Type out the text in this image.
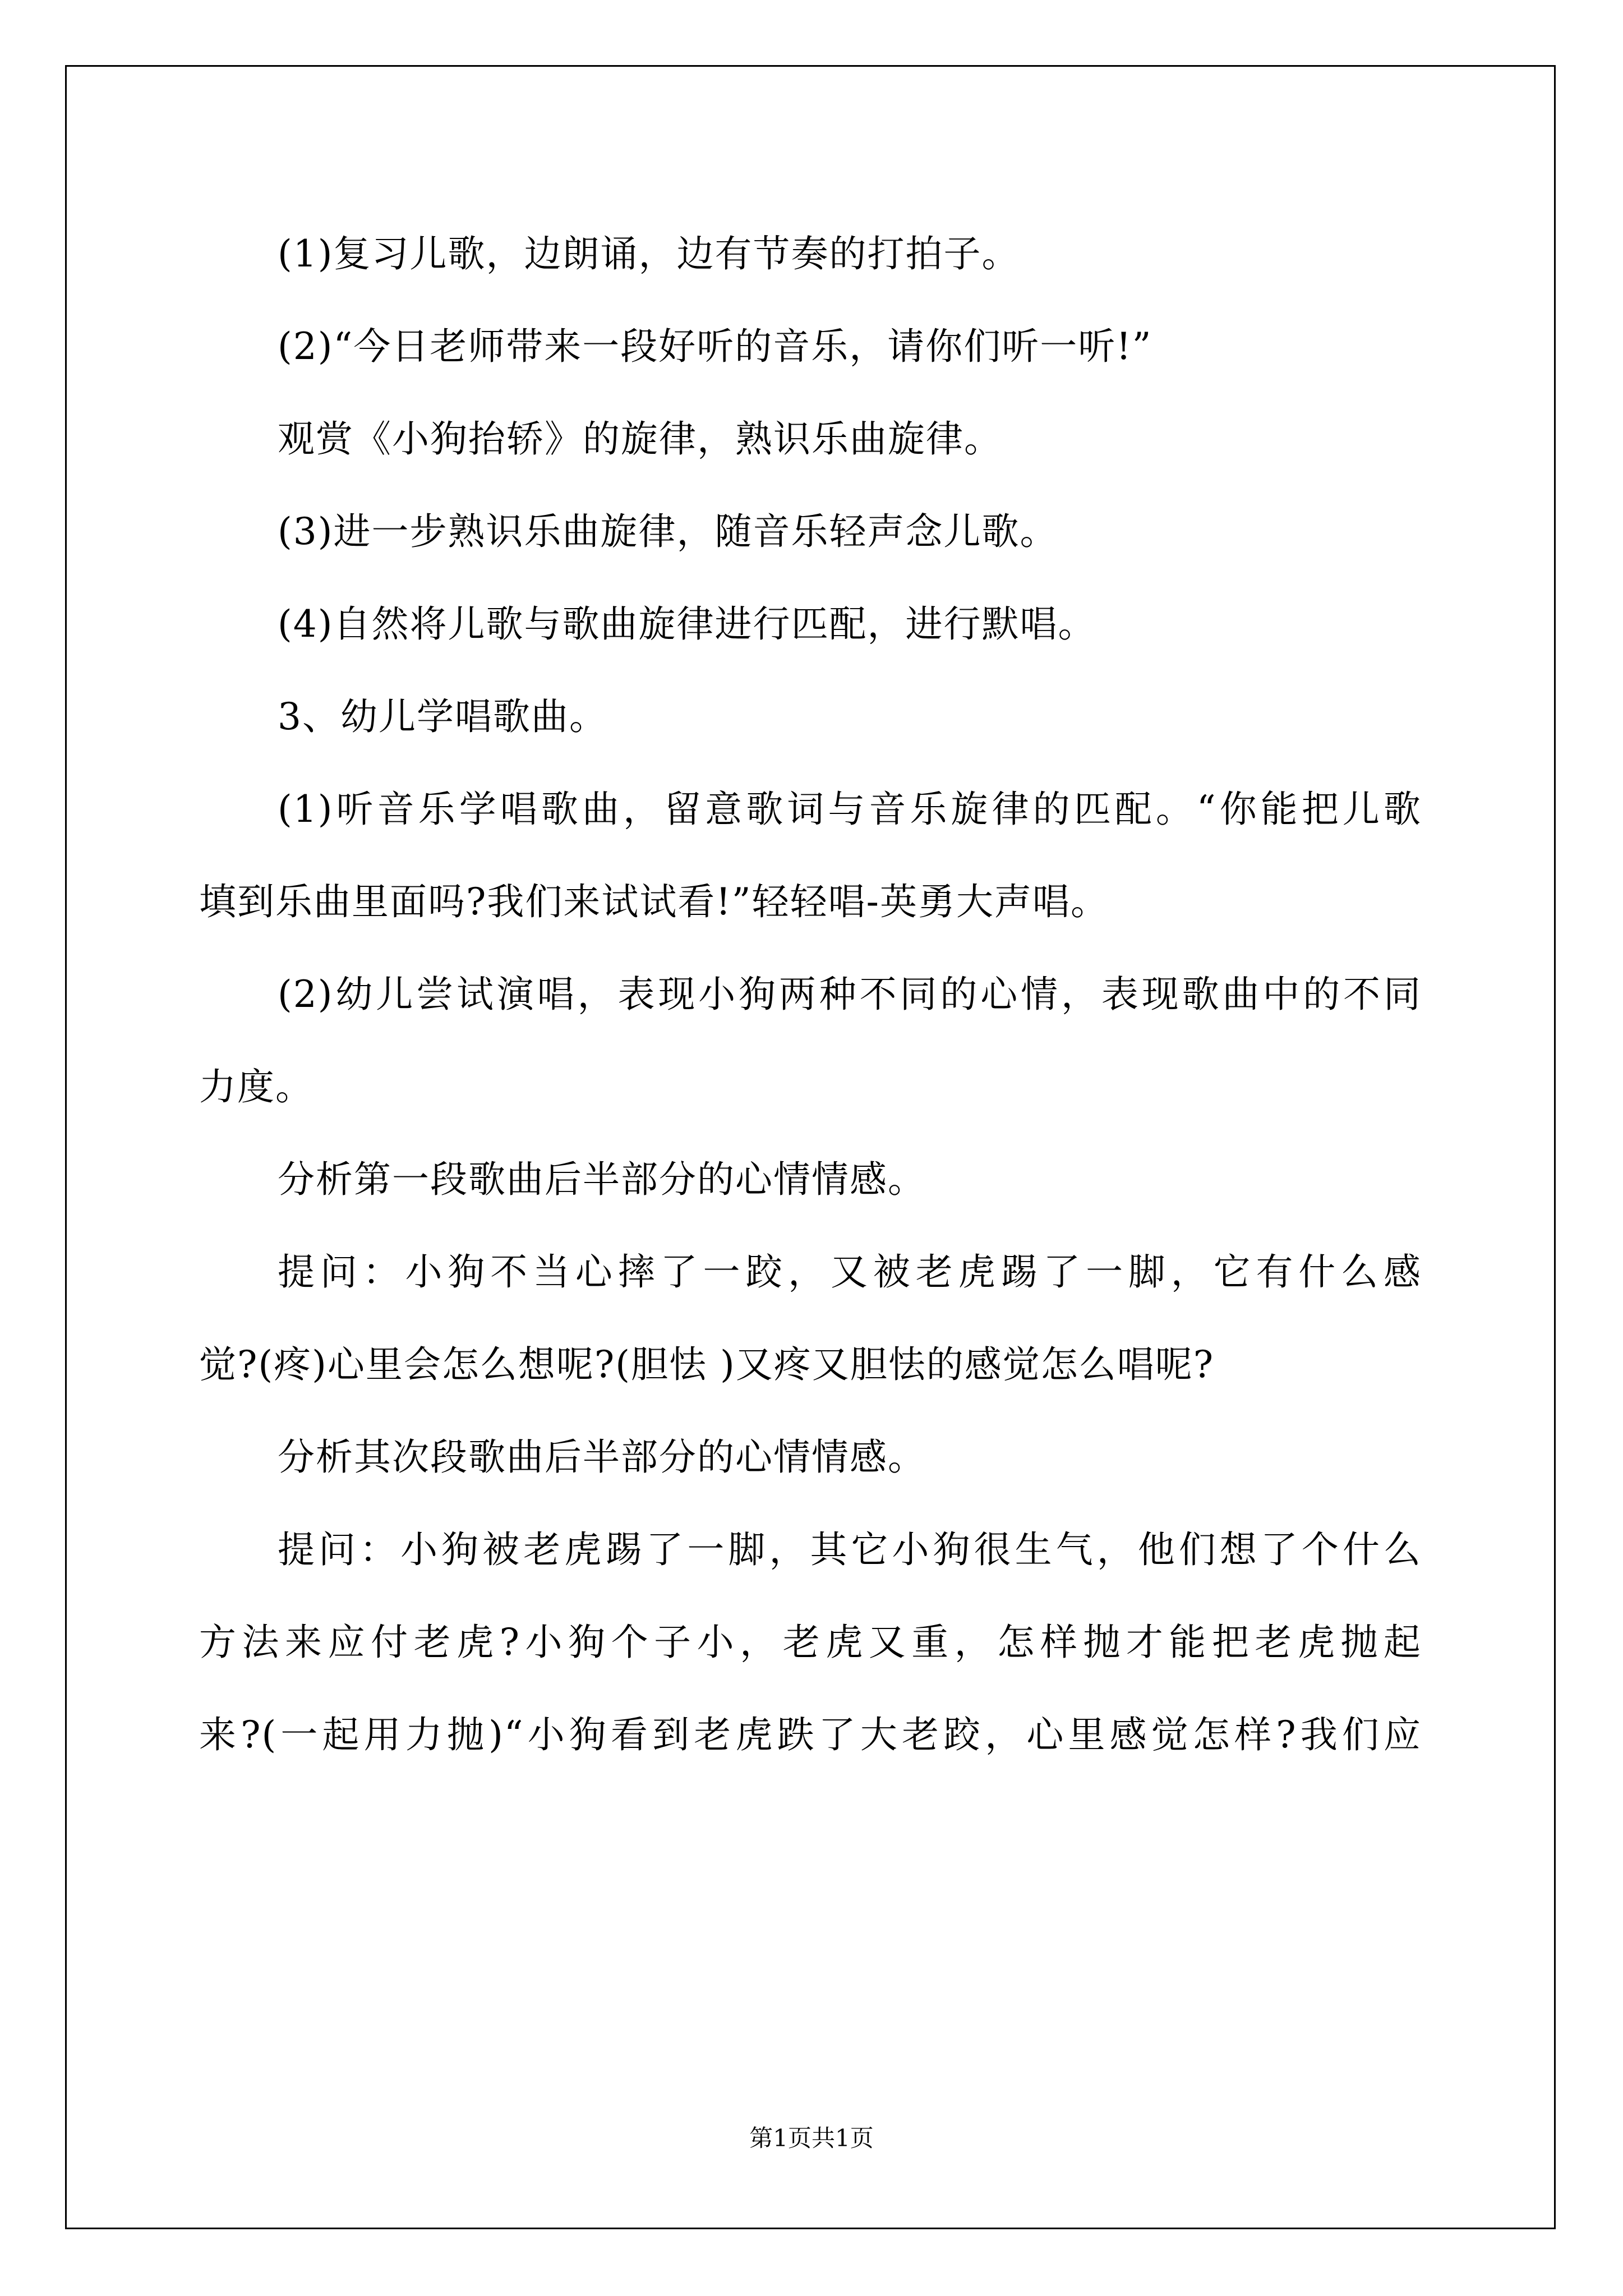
(1)复习儿歌，边朗诵，边有节奏的打拍子。
(2)“今日老师带来一段好听的音乐，请你们听一听!”
观赏《小狗抬轿》的旋律，熟识乐曲旋律。
(3)进一步熟识乐曲旋律，随音乐轻声念儿歌。
(4)自然将儿歌与歌曲旋律进行匹配，进行默唱。
3、幼儿学唱歌曲。
(1)听音乐学唱歌曲，留意歌词与音乐旋律的匹配。“你能把儿歌
填到乐曲里面吗?我们来试试看!”轻轻唱-英勇大声唱。
(2)幼儿尝试演唱，表现小狗两种不同的心情，表现歌曲中的不同
力度。
分析第一段歌曲后半部分的心情情感。
提问：小狗不当心摔了一跤，又被老虎踢了一脚，它有什么感
觉?(疼)心里会怎么想呢?(胆怯 )又疼又胆怯的感觉怎么唱呢?
分析其次段歌曲后半部分的心情情感。
提问：小狗被老虎踢了一脚，其它小狗很生气，他们想了个什么
方法来应付老虎?小狗个子小，老虎又重，怎样抛才能把老虎抛起
来?(一起用力抛)“小狗看到老虎跌了大老跤，心里感觉怎样?我们应
第1页共1页
